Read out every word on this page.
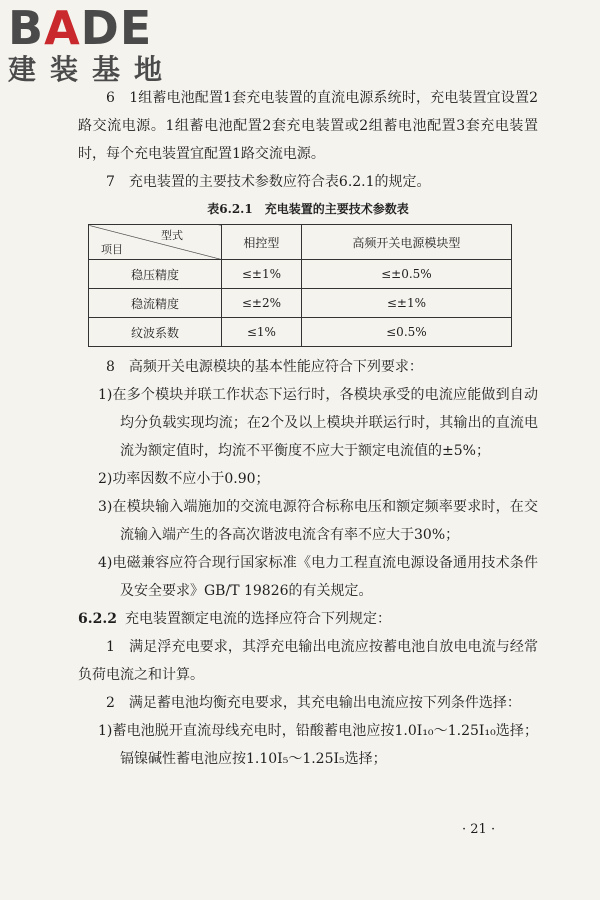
BADE
建装基地

6　1组蓄电池配置1套充电装置的直流电源系统时，充电装置宜设置2路交流电源。1组蓄电池配置2套充电装置或2组蓄电池配置3套充电装置时，每个充电装置宜配置1路交流电源。

7　充电装置的主要技术参数应符合表6.2.1的规定。

表6.2.1　充电装置的主要技术参数表
型式
项目	相控型	高频开关电源模块型
稳压精度	≤±1%	≤±0.5%
稳流精度	≤±2%	≤±1%
纹波系数	≤1%	≤0.5%

8　高频开关电源模块的基本性能应符合下列要求：

1)在多个模块并联工作状态下运行时，各模块承受的电流应能做到自动均分负载实现均流；在2个及以上模块并联运行时，其输出的直流电流为额定值时，均流不平衡度不应大于额定电流值的±5%；

2)功率因数不应小于0.90；

3)在模块输入端施加的交流电源符合标称电压和额定频率要求时，在交流输入端产生的各高次谐波电流含有率不应大于30%；

4)电磁兼容应符合现行国家标准《电力工程直流电源设备通用技术条件及安全要求》GB/T 19826的有关规定。

6.2.2 充电装置额定电流的选择应符合下列规定：

1　满足浮充电要求，其浮充电输出电流应按蓄电池自放电电流与经常负荷电流之和计算。

2　满足蓄电池均衡充电要求，其充电输出电流应按下列条件选择：

1)蓄电池脱开直流母线充电时，铅酸蓄电池应按1.0I₁₀～1.25I₁₀选择；镉镍碱性蓄电池应按1.10I₅～1.25I₅选择；

· 21 ·
